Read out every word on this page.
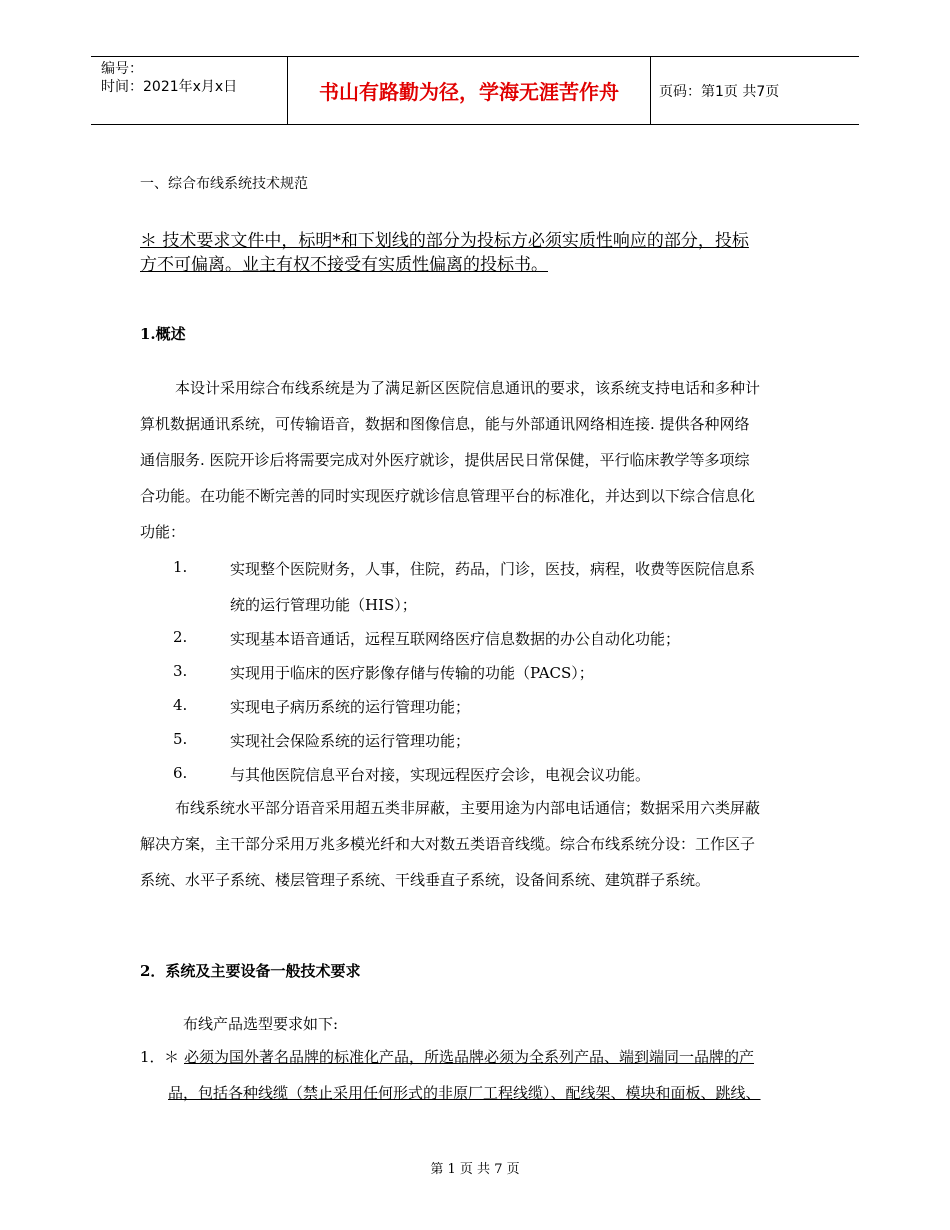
编号：
时间：2021年x月x日	书山有路勤为径，学海无涯苦作舟	页码：第1页 共7页
一、综合布线系统技术规范
＊ 技术要求文件中，标明*和下划线的部分为投标方必须实质性响应的部分，投标
方不可偏离。业主有权不接受有实质性偏离的投标书。
1.概述
本设计采用综合布线系统是为了满足新区医院信息通讯的要求，该系统支持电话和多种计
算机数据通讯系统，可传输语音，数据和图像信息，能与外部通讯网络相连接. 提供各种网络
通信服务. 医院开诊后将需要完成对外医疗就诊，提供居民日常保健，平行临床教学等多项综
合功能。在功能不断完善的同时实现医疗就诊信息管理平台的标准化，并达到以下综合信息化
功能：
1.	实现整个医院财务，人事，住院，药品，门诊，医技，病程，收费等医院信息系
统的运行管理功能（HIS）；
2.	实现基本语音通话，远程互联网络医疗信息数据的办公自动化功能；
3.	实现用于临床的医疗影像存储与传输的功能（PACS）；
4.	实现电子病历系统的运行管理功能；
5.	实现社会保险系统的运行管理功能；
6.	与其他医院信息平台对接，实现远程医疗会诊，电视会议功能。
布线系统水平部分语音采用超五类非屏蔽，主要用途为内部电话通信；数据采用六类屏蔽
解决方案，主干部分采用万兆多模光纤和大对数五类语音线缆。综合布线系统分设：工作区子
系统、水平子系统、楼层管理子系统、干线垂直子系统，设备间系统、建筑群子系统。
2．系统及主要设备一般技术要求
布线产品选型要求如下:
1． ＊ 必须为国外著名品牌的标准化产品，所选品牌必须为全系列产品、端到端同一品牌的产
品，包括各种线缆（禁止采用任何形式的非原厂工程线缆）、配线架、模块和面板、跳线、
第 1 页 共 7 页
